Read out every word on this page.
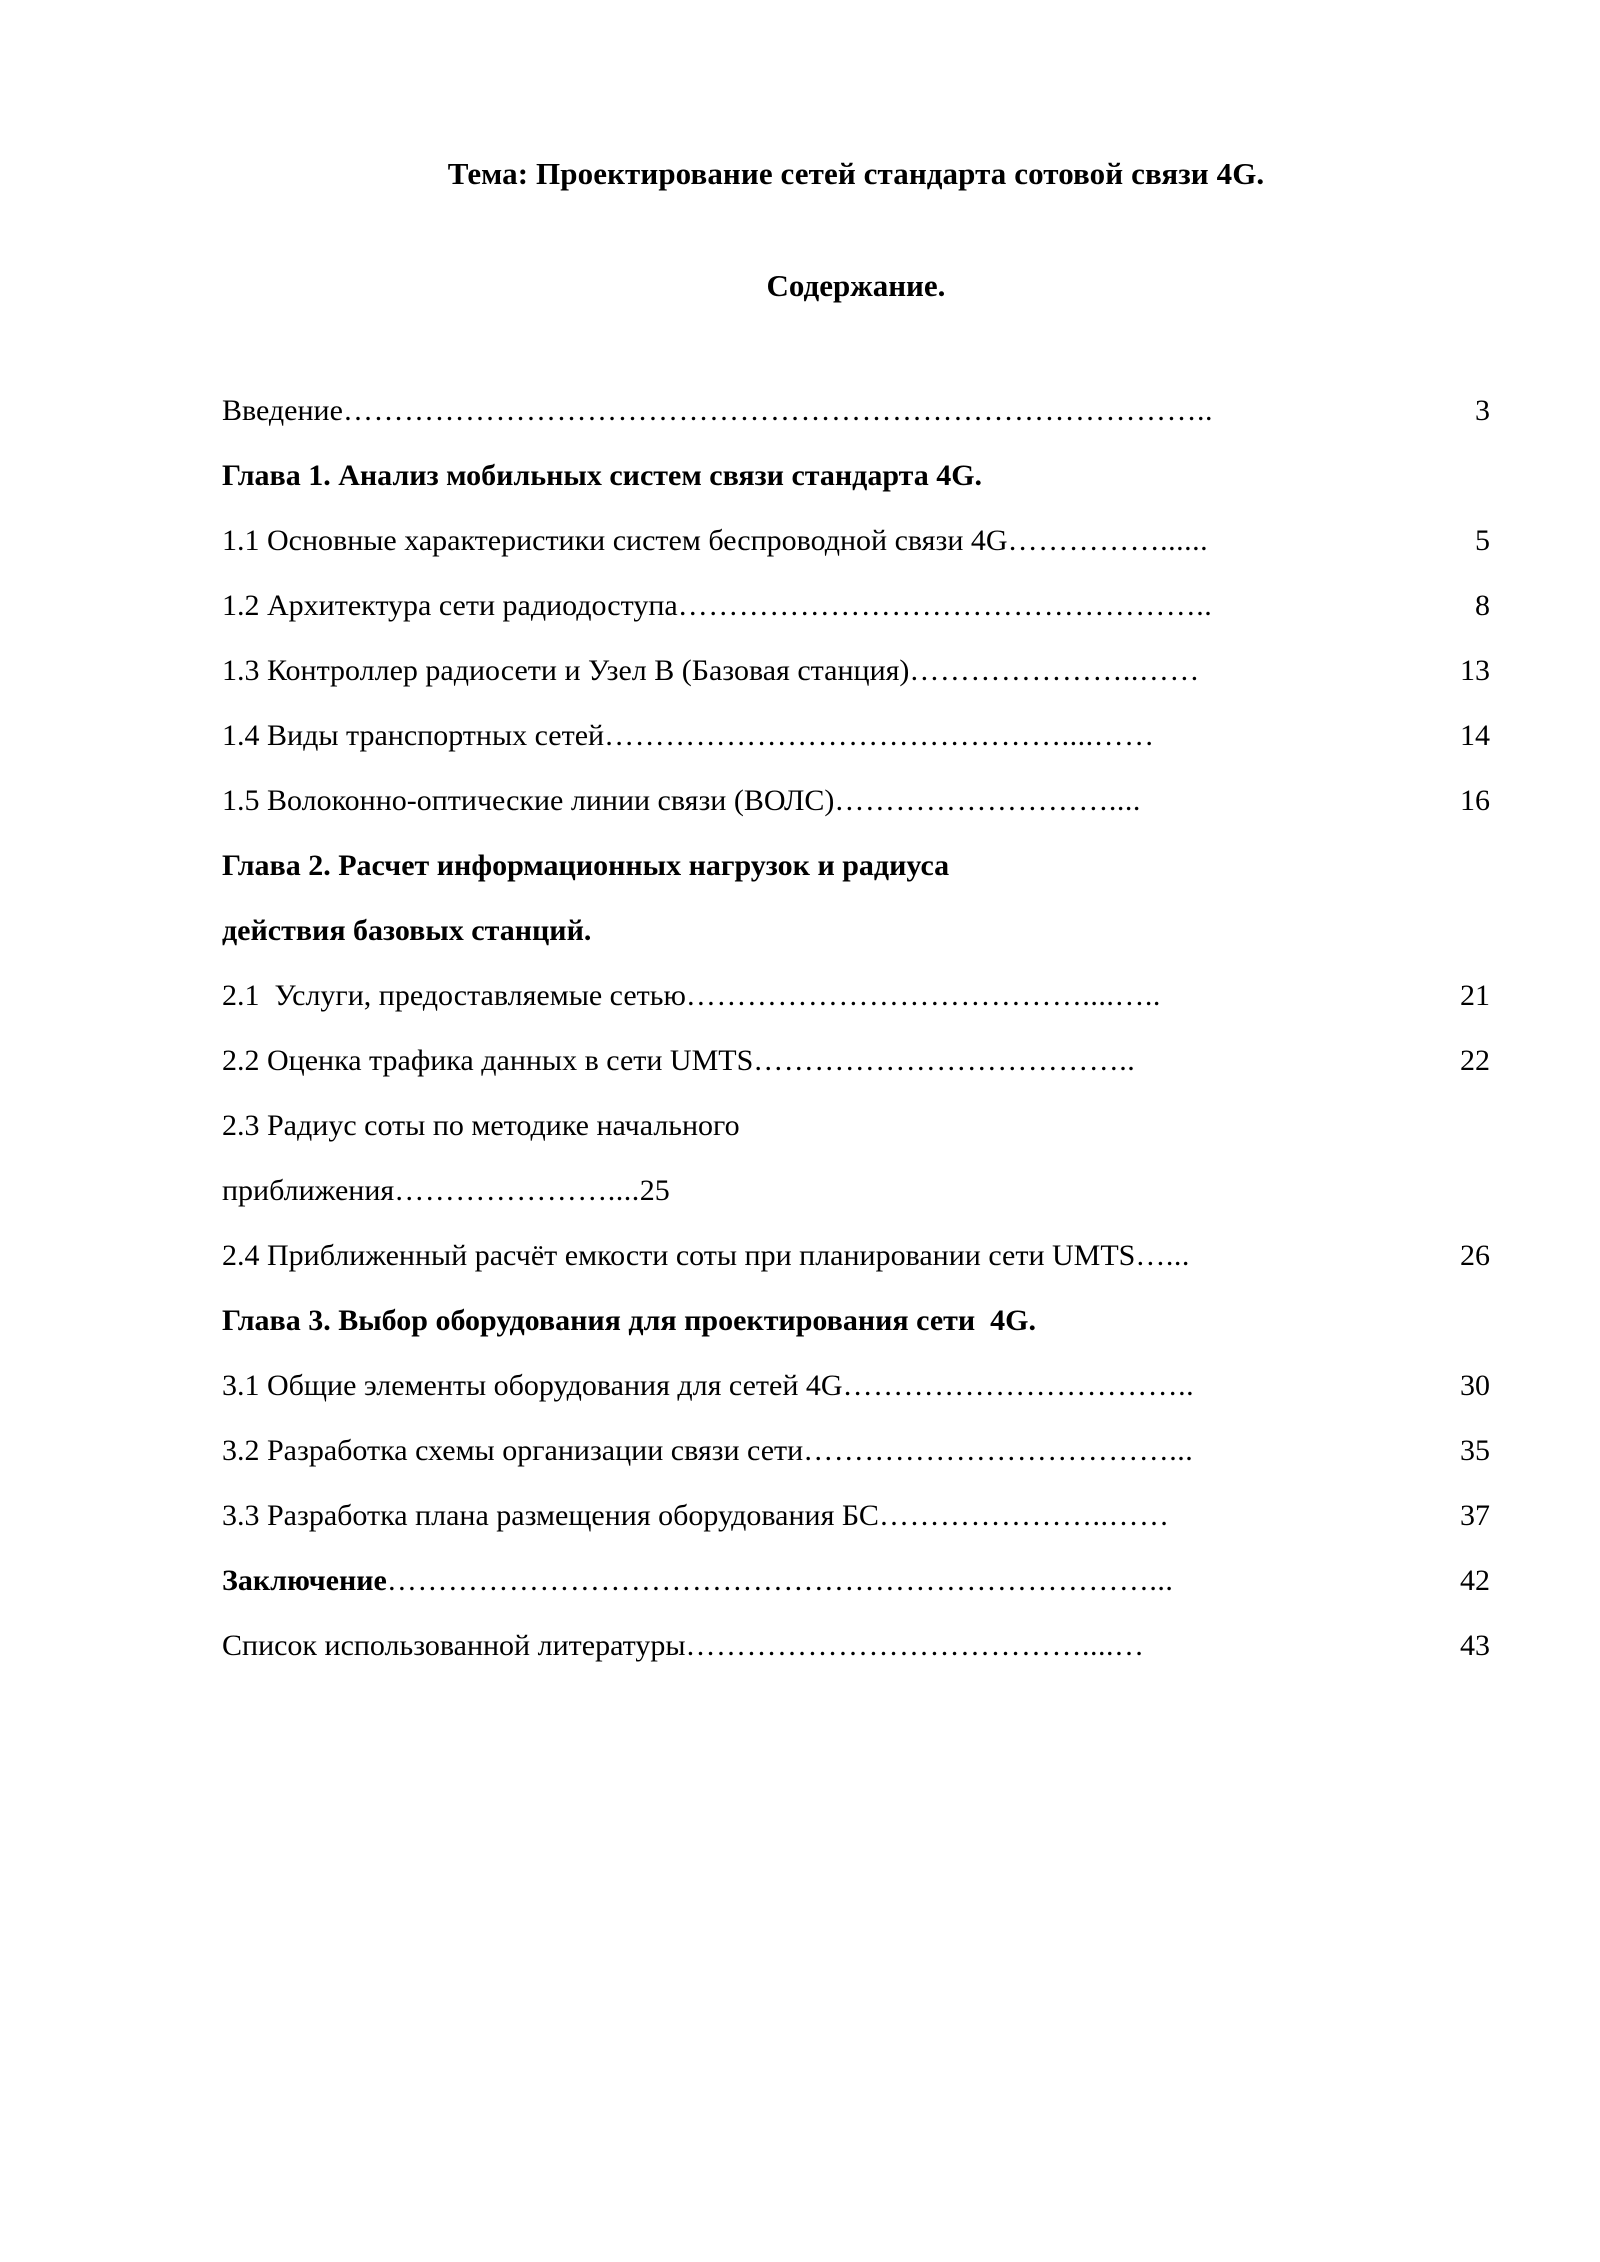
Тема: Проектирование сетей стандарта сотовой связи 4G.
Содержание.
Введение …………………………………………………………………………..	3
Глава 1. Анализ мобильных систем связи стандарта 4G.
1.1 Основные характеристики систем беспроводной связи 4G ……………......	5
1.2 Архитектура сети радиодоступа ……………………………………………..	8
1.3 Контроллер радиосети и Узел В (Базовая станция) …………………..……	13
1.4 Виды транспортных сетей ………………………………………....……	14
1.5 Волоконно-оптические линии связи (ВОЛС) ………………………....	16
Глава 2. Расчет информационных нагрузок и радиуса
действия базовых станций.
2.1  Услуги, предоставляемые сетью …………………………………....…..	21
2.2 Оценка трафика данных в сети UMTS ………………………………..	22
2.3 Радиус соты по методике начального
приближения ………………….... 25
2.4 Приближенный расчёт емкости соты при планировании сети UMTS …...	26
Глава 3. Выбор оборудования для проектирования сети  4G.
3.1 Общие элементы оборудования для сетей 4G ……………………………..	30
3.2 Разработка схемы организации связи сети ………………………………...	35
3.3 Разработка плана размещения оборудования БС …………………..……	37
Заключение …………………………………………………………………...	42
Список использованной литературы …………………………………....…	43
